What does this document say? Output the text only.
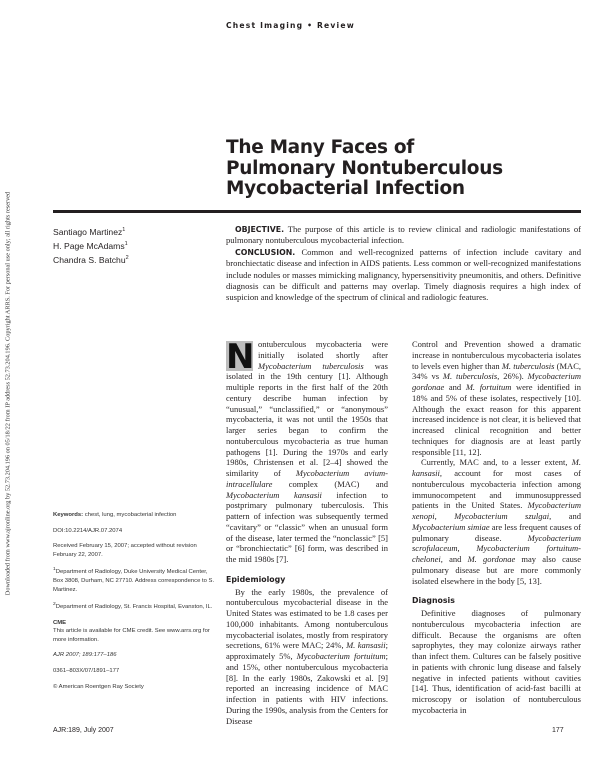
Downloaded from www.ajronline.org by 52.73.204.196 on 05/18/22 from IP address 52.73.204.196. Copyright ARRS. For personal use only; all rights reserved
Chest Imaging • Review
The Many Faces of
Pulmonary Nontuberculous
Mycobacterial Infection
Santiago Martinez$^1$
H. Page McAdams$^1$
Chandra S. Batchu$^2$

OBJECTIVE. The purpose of this article is to review clinical and radiologic manifestations of pulmonary nontuberculous mycobacterial infection.

CONCLUSION. Common and well-recognized patterns of infection include cavitary and bronchiectatic disease and infection in AIDS patients. Less common or well-recognized manifestations include nodules or masses mimicking malignancy, hypersensitivity pneumonitis, and others. Definitive diagnosis can be difficult and patterns may overlap. Timely diagnosis requires a high index of suspicion and knowledge of the spectrum of clinical and radiologic features.

N ontuberculous mycobacteria were initially isolated shortly after Mycobacterium tuberculosis was isolated in the 19th century [1]. Although multiple reports in the first half of the 20th century describe human infection by “unusual,” “unclassified,” or “anonymous” mycobacteria, it was not until the 1950s that larger series began to confirm the nontuberculous mycobacteria as true human pathogens [1]. During the 1970s and early 1980s, Christensen et al. [2–4] showed the similarity of Mycobacterium avium-intracellulare complex (MAC) and Mycobacterium kansasii infection to postprimary pulmonary tuberculosis. This pattern of infection was subsequently termed “cavitary” or “classic” when an unusual form of the disease, later termed the “nonclassic” [5] or “bronchiectatic” [6] form, was described in the mid 1980s [7].

Epidemiology

By the early 1980s, the prevalence of nontuberculous mycobacterial disease in the United States was estimated to be 1.8 cases per 100,000 inhabitants. Among nontuberculous mycobacterial isolates, mostly from respiratory secretions, 61% were MAC; 24%, M. kansasii; approximately 5%, Mycobacterium fortuitum; and 15%, other nontuberculous mycobacteria [8]. In the early 1980s, Zakowski et al. [9] reported an increasing incidence of MAC infection in patients with HIV infections. During the 1990s, analysis from the Centers for Disease

Control and Prevention showed a dramatic increase in nontuberculous mycobacteria isolates to levels even higher than M. tuberculosis (MAC, 34% vs M. tuberculosis, 26%). Mycobacterium gordonae and M. fortuitum were identified in 18% and 5% of these isolates, respectively [10]. Although the exact reason for this apparent increased incidence is not clear, it is believed that increased clinical recognition and better techniques for diagnosis are at least partly responsible [11, 12].

Currently, MAC and, to a lesser extent, M. kansasii, account for most cases of nontuberculous mycobacteria infection among immunocompetent and immunosuppressed patients in the United States. Mycobacterium xenopi, Mycobacterium szulgai, and Mycobacterium simiae are less frequent causes of pulmonary disease. Mycobacterium scrofulaceum, Mycobacterium fortuitum-chelonei, and M. gordonae may also cause pulmonary disease but are more commonly isolated elsewhere in the body [5, 13].

Diagnosis

Definitive diagnoses of pulmonary nontuberculous mycobacteria infection are difficult. Because the organisms are often saprophytes, they may colonize airways rather than infect them. Cultures can be falsely positive in patients with chronic lung disease and falsely negative in infected patients without cavities [14]. Thus, identification of acid-fast bacilli at microscopy or isolation of nontuberculous mycobacteria in

Keywords: chest, lung, mycobacterial infection

DOI:10.2214/AJR.07.2074

Received February 15, 2007; accepted without revision February 22, 2007.

$^1$Department of Radiology, Duke University Medical Center, Box 3808, Durham, NC 27710. Address correspondence to S. Martinez.

$^2$Department of Radiology, St. Francis Hospital, Evanston, IL.

CME
This article is available for CME credit. See www.arrs.org for more information.

AJR 2007; 189:177–186

0361–803X/07/1891–177

© American Roentgen Ray Society

AJR:189, July 2007	177
